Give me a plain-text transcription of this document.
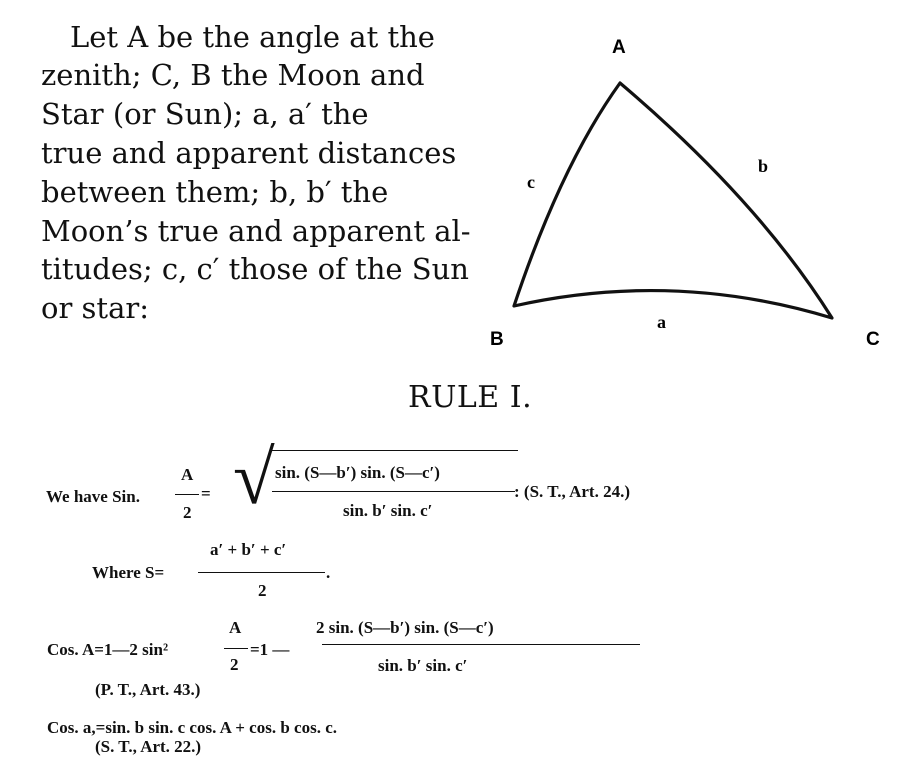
Let A be the angle at the
zenith; C, B the Moon and
Star (or Sun); a, a′ the
true and apparent distances
between them; b, b′ the
Moon’s true and apparent al-
titudes; c, c′ those of the Sun
or star:
A
B	C
a
b
c
RULE I.
We have Sin.
A
2
= √ sin. (S—b′) sin. (S—c′)
sin. b′ sin. c′
: (S. T., Art. 24.)
Where S=
a′ + b′ + c′
2
.
Cos. A=1—2 sin²
A
2
=1 —
2 sin. (S—b′) sin. (S—c′)
sin. b′ sin. c′
(P. T., Art. 43.)
Cos. a,=sin. b sin. c cos. A + cos. b cos. c.
(S. T., Art. 22.)
